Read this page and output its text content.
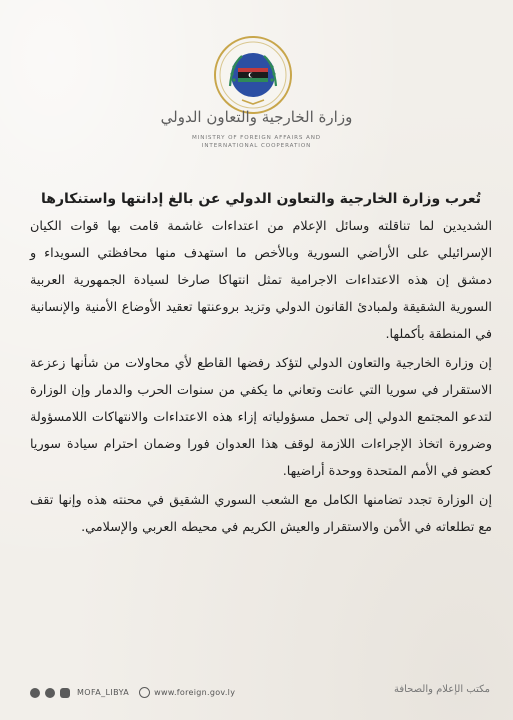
وزارة الخارجية والتعاون الدولي
MINISTRY OF FOREIGN AFFAIRS AND
INTERNATIONAL COOPERATION
تُعرب وزارة الخارجية والتعاون الدولي عن بالغ إدانتها واستنكارها

الشديدين لما تناقلته وسائل الإعلام من اعتداءات غاشمة قامت بها قوات الكيان الإسرائيلي على الأراضي السورية وبالأخص ما استهدف منها محافظتي السويداء و دمشق إن هذه الاعتداءات الاجرامية تمثل انتهاكا صارخا لسيادة الجمهورية العربية السورية الشقيقة ولمبادئ القانون الدولي وتزيد بروعنتها تعقيد الأوضاع الأمنية والإنسانية في المنطقة بأكملها.

إن وزارة الخارجية والتعاون الدولي لتؤكد رفضها القاطع لأي محاولات من شأنها زعزعة الاستقرار في سوريا التي عانت وتعاني ما يكفي من سنوات الحرب والدمار وإن الوزارة لتدعو المجتمع الدولي إلى تحمل مسؤولياته إزاء هذه الاعتداءات والانتهاكات اللامسؤولة وضرورة اتخاذ الإجراءات اللازمة لوقف هذا العدوان فورا وضمان احترام سيادة سوريا كعضو في الأمم المتحدة ووحدة أراضيها.

إن الوزارة تجدد تضامنها الكامل مع الشعب السوري الشقيق في محنته هذه وإنها تقف مع تطلعاته في الأمن والاستقرار والعيش الكريم في محيطه العربي والإسلامي.

MOFA_LIBYA	www.foreign.gov.ly	مكتب الإعلام والصحافة
